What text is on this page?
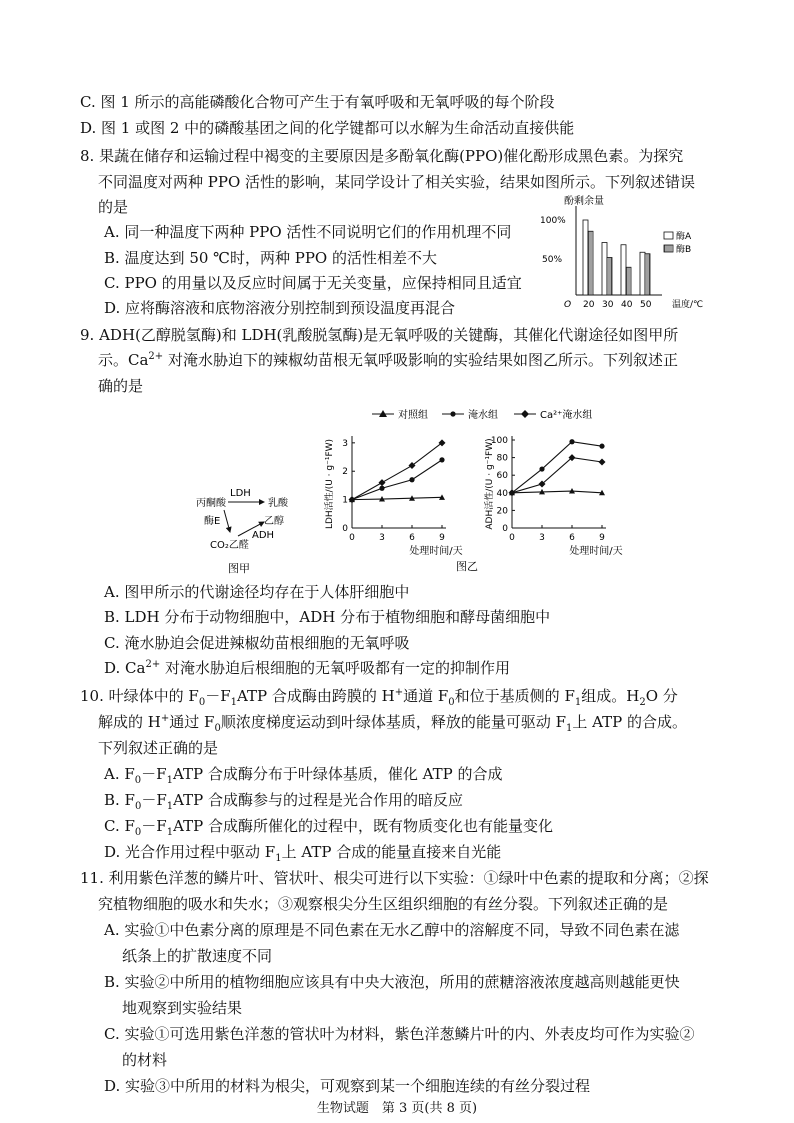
C. 图 1 所示的高能磷酸化合物可产生于有氧呼吸和无氧呼吸的每个阶段
D. 图 1 或图 2 中的磷酸基团之间的化学键都可以水解为生命活动直接供能
8. 果蔬在储存和运输过程中褐变的主要原因是多酚氧化酶(PPO)催化酚形成黑色素。为探究
不同温度对两种 PPO 活性的影响，某同学设计了相关实验，结果如图所示。下列叙述错误
的是
A. 同一种温度下两种 PPO 活性不同说明它们的作用机理不同
B. 温度达到 50 ℃时，两种 PPO 的活性相差不大
C. PPO 的用量以及反应时间属于无关变量，应保持相同且适宜
D. 应将酶溶液和底物溶液分别控制到预设温度再混合
酚剩余量
100%
50%
O 20 30 40 50 温度/℃
酶A
酶B
9. ADH(乙醇脱氢酶)和 LDH(乳酸脱氢酶)是无氧呼吸的关键酶，其催化代谢途径如图甲所
示。$Ca^{2+}$ 对淹水胁迫下的辣椒幼苗根无氧呼吸影响的实验结果如图乙所示。下列叙述正
确的是
LDH
丙酮酸	乳酸
酶E	乙醇
ADH
CO₂乙醛
图甲
对照组	淹水组	Ca²⁺淹水组
0
1
2
3
0	3	6	9
处理时间/天
LDH活性/(U · g⁻¹FW)	0
20
40
60
80
100
0	3	6	9
处理时间/天
ADH活性/(U · g⁻¹FW)
图乙
A. 图甲所示的代谢途径均存在于人体肝细胞中
B. LDH 分布于动物细胞中，ADH 分布于植物细胞和酵母菌细胞中
C. 淹水胁迫会促进辣椒幼苗根细胞的无氧呼吸
D. $Ca^{2+}$ 对淹水胁迫后根细胞的无氧呼吸都有一定的抑制作用
10. 叶绿体中的 $F_0-F_1ATP$ 合成酶由跨膜的 H+通道 $F_0$和位于基质侧的 $F_1$组成。$H_2O$ 分
解成的 H+通过 $F_0$顺浓度梯度运动到叶绿体基质，释放的能量可驱动 $F_1$上 ATP 的合成。
下列叙述正确的是
A. $F_0-F_1ATP$ 合成酶分布于叶绿体基质，催化 ATP 的合成
B. $F_0-F_1ATP$ 合成酶参与的过程是光合作用的暗反应
C. $F_0-F_1ATP$ 合成酶所催化的过程中，既有物质变化也有能量变化
D. 光合作用过程中驱动 $F_1$上 ATP 合成的能量直接来自光能
11. 利用紫色洋葱的鳞片叶、管状叶、根尖可进行以下实验：①绿叶中色素的提取和分离；②探
究植物细胞的吸水和失水；③观察根尖分生区组织细胞的有丝分裂。下列叙述正确的是
A. 实验①中色素分离的原理是不同色素在无水乙醇中的溶解度不同，导致不同色素在滤
纸条上的扩散速度不同
B. 实验②中所用的植物细胞应该具有中央大液泡，所用的蔗糖溶液浓度越高则越能更快
地观察到实验结果
C. 实验①可选用紫色洋葱的管状叶为材料，紫色洋葱鳞片叶的内、外表皮均可作为实验②
的材料
D. 实验③中所用的材料为根尖，可观察到某一个细胞连续的有丝分裂过程
生物试题　第 3 页(共 8 页)
